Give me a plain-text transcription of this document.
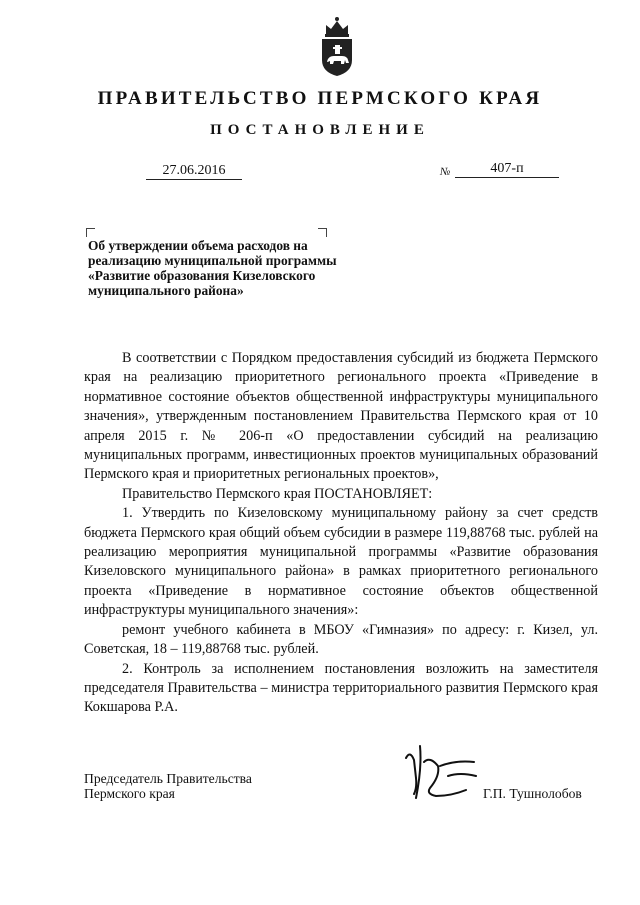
ПРАВИТЕЛЬСТВО ПЕРМСКОГО КРАЯ
ПОСТАНОВЛЕНИЕ
27.06.2016	№	407-п
Об утверждении объема расходов на реализацию муниципальной программы «Развитие образования Кизеловского муниципального района»

В соответствии с Порядком предоставления субсидий из бюджета Пермского края на реализацию приоритетного регионального проекта «Приведение в нормативное состояние объектов общественной инфраструктуры муниципального значения», утвержденным постановлением Правительства Пермского края от 10 апреля 2015 г. № 206-п «О предоставлении субсидий на реализацию муниципальных программ, инвестиционных проектов муниципальных образований Пермского края и приоритетных региональных проектов»,

Правительство Пермского края ПОСТАНОВЛЯЕТ:

1. Утвердить по Кизеловскому муниципальному району за счет средств бюджета Пермского края общий объем субсидии в размере 119,88768 тыс. рублей на реализацию мероприятия муниципальной программы «Развитие образования Кизеловского муниципального района» в рамках приоритетного регионального проекта «Приведение в нормативное состояние объектов общественной инфраструктуры муниципального значения»:

ремонт учебного кабинета в МБОУ «Гимназия» по адресу: г. Кизел, ул. Советская, 18 – 119,88768 тыс. рублей.

2. Контроль за исполнением постановления возложить на заместителя председателя Правительства – министра территориального развития Пермского края Кокшарова Р.А.

Председатель Правительства
Пермского края	Г.П. Тушнолобов
